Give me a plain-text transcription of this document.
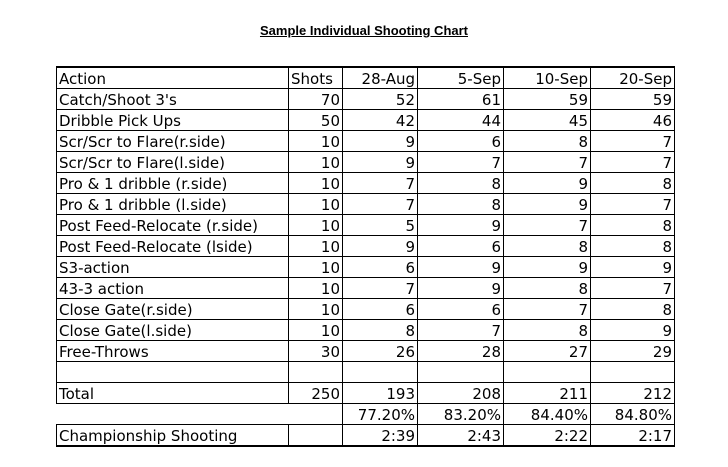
Sample Individual Shooting Chart
Action	Shots	28-Aug	5-Sep	10-Sep	20-Sep
Catch/Shoot 3's	70	52	61	59	59
Dribble Pick Ups	50	42	44	45	46
Scr/Scr to Flare(r.side)	10	9	6	8	7
Scr/Scr to Flare(l.side)	10	9	7	7	7
Pro & 1 dribble (r.side)	10	7	8	9	8
Pro & 1 dribble (l.side)	10	7	8	9	7
Post Feed-Relocate (r.side)	10	5	9	7	8
Post Feed-Relocate (lside)	10	9	6	8	8
S3-action	10	6	9	9	9
43-3 action	10	7	9	8	7
Close Gate(r.side)	10	6	6	7	8
Close Gate(l.side)	10	8	7	8	9
Free-Throws	30	26	28	27	29

Total	250	193	208	211	212
		77.20%	83.20%	84.40%	84.80%
Championship Shooting		2:39	2:43	2:22	2:17
